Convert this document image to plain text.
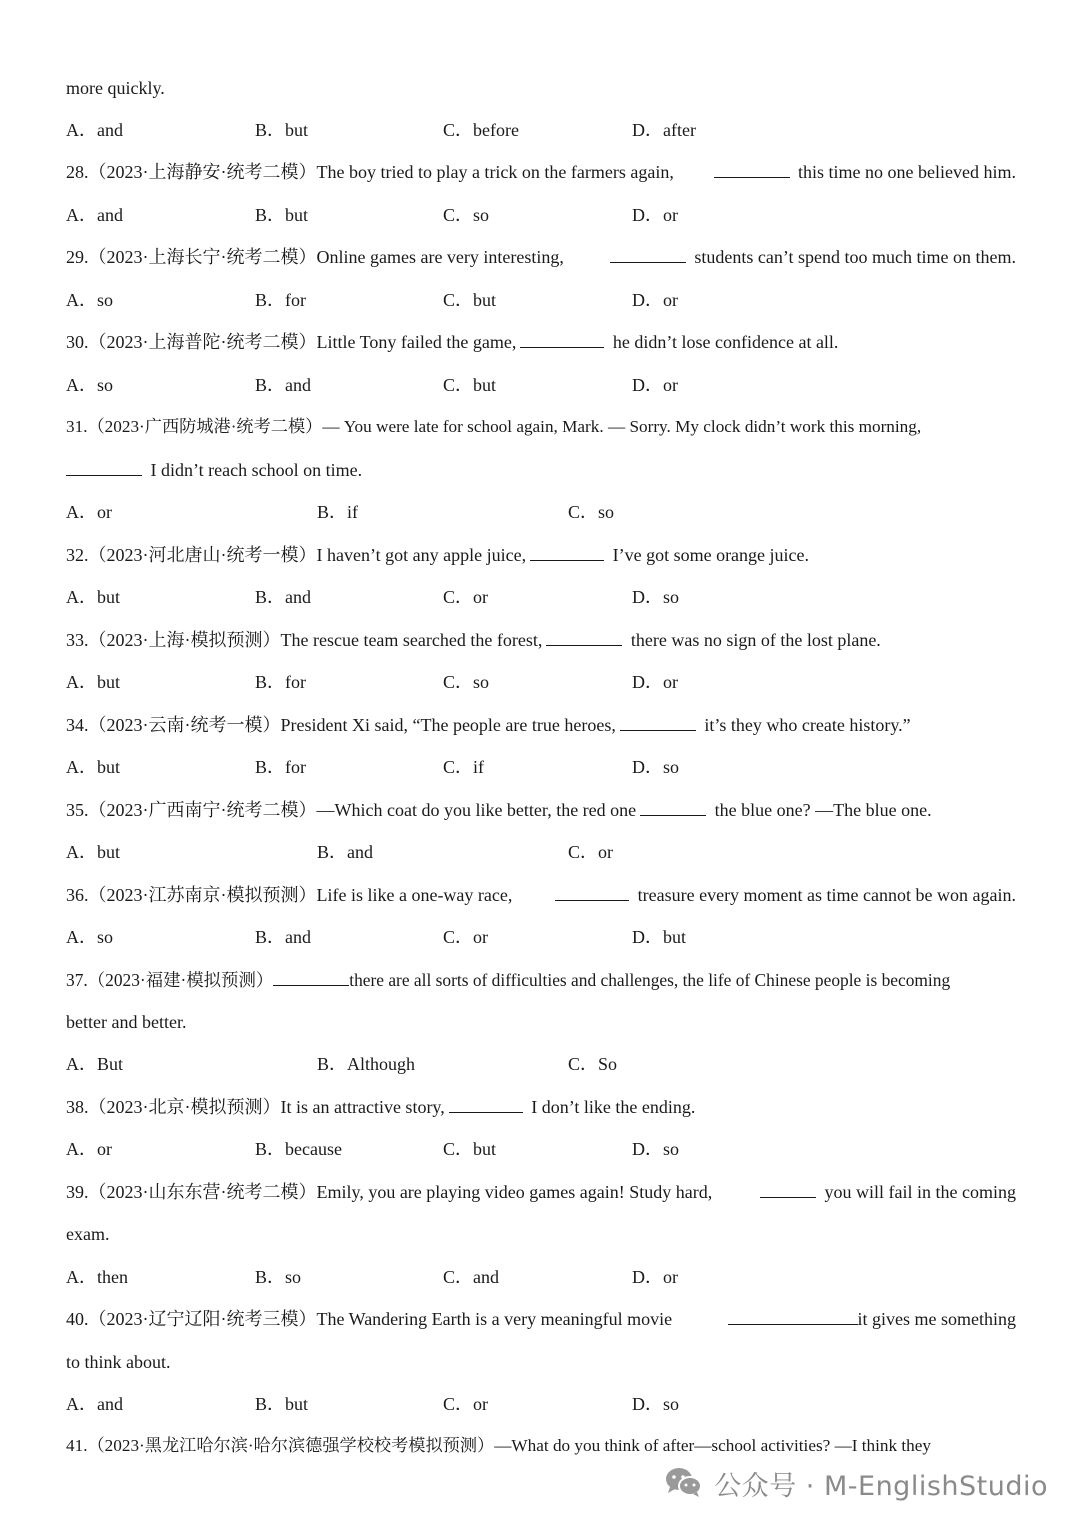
more quickly.
A．and	B．but	C．before	D．after
28.（2023·上海静安·统考二模）The boy tried to play a trick on the farmers again,	this time no one believed him.
A．and	B．but	C．so	D．or
29.（2023·上海长宁·统考二模）Online games are very interesting,	students can’t spend too much time on them.
A．so	B．for	C．but	D．or
30.（2023·上海普陀·统考二模）Little Tony failed the game,	he didn’t lose confidence at all.
A．so	B．and	C．but	D．or
31.（2023·广西防城港·统考二模）— You were late for school again, Mark. — Sorry. My clock didn’t work this morning,
I didn’t reach school on time.
A．or	B．if	C．so
32.（2023·河北唐山·统考一模）I haven’t got any apple juice,	I’ve got some orange juice.
A．but	B．and	C．or	D．so
33.（2023·上海·模拟预测）The rescue team searched the forest,	there was no sign of the lost plane.
A．but	B．for	C．so	D．or
34.（2023·云南·统考一模）President Xi said, “The people are true heroes,	it’s they who create history.”
A．but	B．for	C．if	D．so
35.（2023·广西南宁·统考二模）—Which coat do you like better, the red one	the blue one? —The blue one.
A．but	B．and	C．or
36.（2023·江苏南京·模拟预测）Life is like a one-way race,	treasure every moment as time cannot be won again.
A．so	B．and	C．or	D．but
37.（2023·福建·模拟预测）	there are all sorts of difficulties and challenges, the life of Chinese people is becoming
better and better.
A．But	B．Although	C．So
38.（2023·北京·模拟预测）It is an attractive story,	I don’t like the ending.
A．or	B．because	C．but	D．so
39.（2023·山东东营·统考二模）Emily, you are playing video games again! Study hard,	you will fail in the coming
exam.
A．then	B．so	C．and	D．or
40.（2023·辽宁辽阳·统考三模）The Wandering Earth is a very meaningful movie	it gives me something
to think about.
A．and	B．but	C．or	D．so
41.（2023·黑龙江哈尔滨·哈尔滨德强学校校考模拟预测）—What do you think of after—school activities? —I think they
公众号 · M-EnglishStudio
